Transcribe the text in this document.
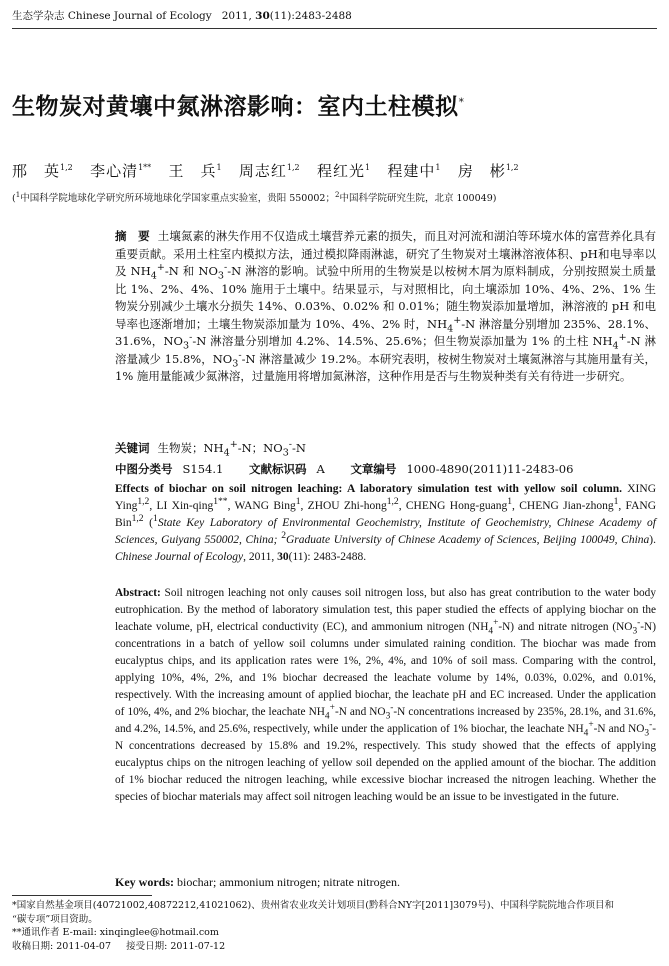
生态学杂志 Chinese Journal of Ecology 2011, 30(11):2483-2488
生物炭对黄壤中氮淋溶影响：室内土柱模拟*
邢　英$^{1,2}$ 李心清$^{1**}$ 王　兵$^1$ 周志红$^{1,2}$ 程红光$^1$ 程建中$^1$ 房　彬$^{1,2}$
($^1$中国科学院地球化学研究所环境地球化学国家重点实验室，贵阳 550002；$^2$中国科学院研究生院，北京 100049)
摘　要 土壤氮素的淋失作用不仅造成土壤营养元素的损失，而且对河流和湖泊等环境水体的富营养化具有重要贡献。采用土柱室内模拟方法，通过模拟降雨淋滤，研究了生物炭对土壤淋溶液体积、pH和电导率以及 $NH_4^+-N$ 和 $NO_3^--N$ 淋溶的影响。试验中所用的生物炭是以桉树木屑为原料制成，分别按照炭土质量比 1%、2%、4%、10% 施用于土壤中。结果显示，与对照相比，向土壤添加 10%、4%、2%、1% 生物炭分别减少土壤水分损失 14%、0.03%、0.02% 和 0.01%；随生物炭添加量增加，淋溶液的 pH 和电导率也逐渐增加；土壤生物炭添加量为 10%、4%、2% 时，$NH_4^+-N$ 淋溶量分别增加 235%、28.1%、31.6%，$NO_3^--N$ 淋溶量分别增加 4.2%、14.5%、25.6%；但生物炭添加量为 1% 的土柱 $NH_4^+-N$ 淋溶量减少 15.8%，$NO_3^--N$ 淋溶量减少 19.2%。本研究表明，桉树生物炭对土壤氮淋溶与其施用量有关，1% 施用量能减少氮淋溶，过量施用将增加氮淋溶，这种作用是否与生物炭种类有关有待进一步研究。
关键词 生物炭；$NH_4^+-N$；$NO_3^--N$
中图分类号 S154.1 文献标识码 A 文章编号 1000-4890(2011)11-2483-06
Effects of biochar on soil nitrogen leaching: A laboratory simulation test with yellow soil column. XING Ying$^{1,2}$, LI Xin-qing$^{1**}$, WANG Bing$^1$, ZHOU Zhi-hong$^{1,2}$, CHENG Hong-guang$^1$, CHENG Jian-zhong$^1$, FANG Bin$^{1,2}$ ($^1$State Key Laboratory of Environmental Geochemistry, Institute of Geochemistry, Chinese Academy of Sciences, Guiyang 550002, China; $^2$Graduate University of Chinese Academy of Sciences, Beijing 100049, China). Chinese Journal of Ecology, 2011, 30(11): 2483-2488.
Abstract: Soil nitrogen leaching not only causes soil nitrogen loss, but also has great contribution to the water body eutrophication. By the method of laboratory simulation test, this paper studied the effects of applying biochar on the leachate volume, pH, electrical conductivity (EC), and ammonium nitrogen $(NH_4^+-N)$ and nitrate nitrogen $(NO_3^--N)$ concentrations in a batch of yellow soil columns under simulated raining condition. The biochar was made from eucalyptus chips, and its application rates were 1%, 2%, 4%, and 10% of soil mass. Comparing with the control, applying 10%, 4%, 2%, and 1% biochar decreased the leachate volume by 14%, 0.03%, 0.02%, and 0.01%, respectively. With the increasing amount of applied biochar, the leachate pH and EC increased. Under the application of 10%, 4%, and 2% biochar, the leachate $NH_4^+-N$ and $NO_3^--N$ concentrations increased by 235%, 28.1%, and 31.6%, and 4.2%, 14.5%, and 25.6%, respectively, while under the application of 1% biochar, the leachate $NH_4^+-N$ and $NO_3^--N$ concentrations decreased by 15.8% and 19.2%, respectively. This study showed that the effects of applying eucalyptus chips on the nitrogen leaching of yellow soil depended on the applied amount of the biochar. The addition of 1% biochar reduced the nitrogen leaching, while excessive biochar increased the nitrogen leaching. Whether the species of biochar materials may affect soil nitrogen leaching would be an issue to be investigated in the future.
Key words: biochar; ammonium nitrogen; nitrate nitrogen.
*国家自然基金项目(40721002,40872212,41021062)、贵州省农业攻关计划项目(黔科合NY字[2011]3079号)、中国科学院院地合作项目和
“碳专项”项目资助。
**通讯作者 E-mail: xinqinglee@hotmail.com
收稿日期: 2011-04-07 接受日期: 2011-07-12
